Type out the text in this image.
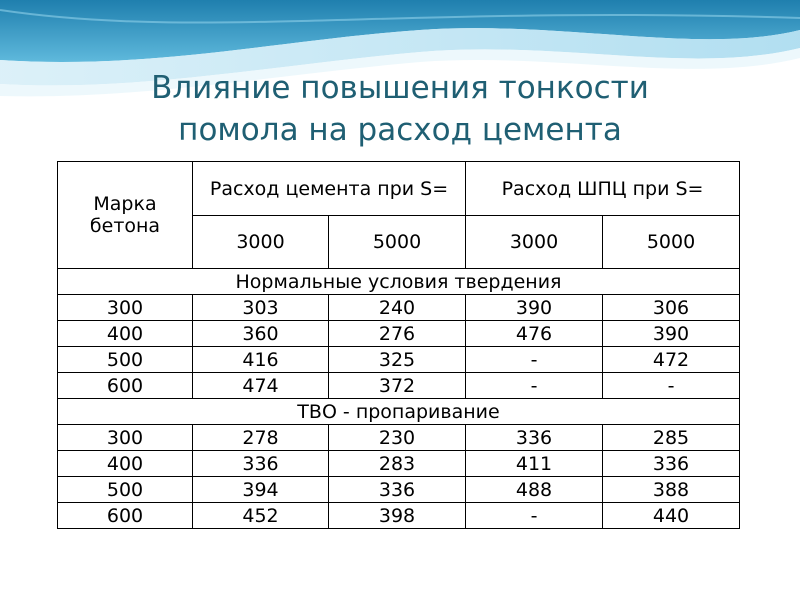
Влияние повышения тонкости
помола на расход цемента
Марка бетона	Расход цемента при S=		Расход ШПЦ при S=	
	3000	5000	3000	5000
Нормальные условия твердения				
300	303	240	390	306
400	360	276	476	390
500	416	325	-	472
600	474	372	-	-
ТВО - пропаривание				
300	278	230	336	285
400	336	283	411	336
500	394	336	488	388
600	452	398	-	440
